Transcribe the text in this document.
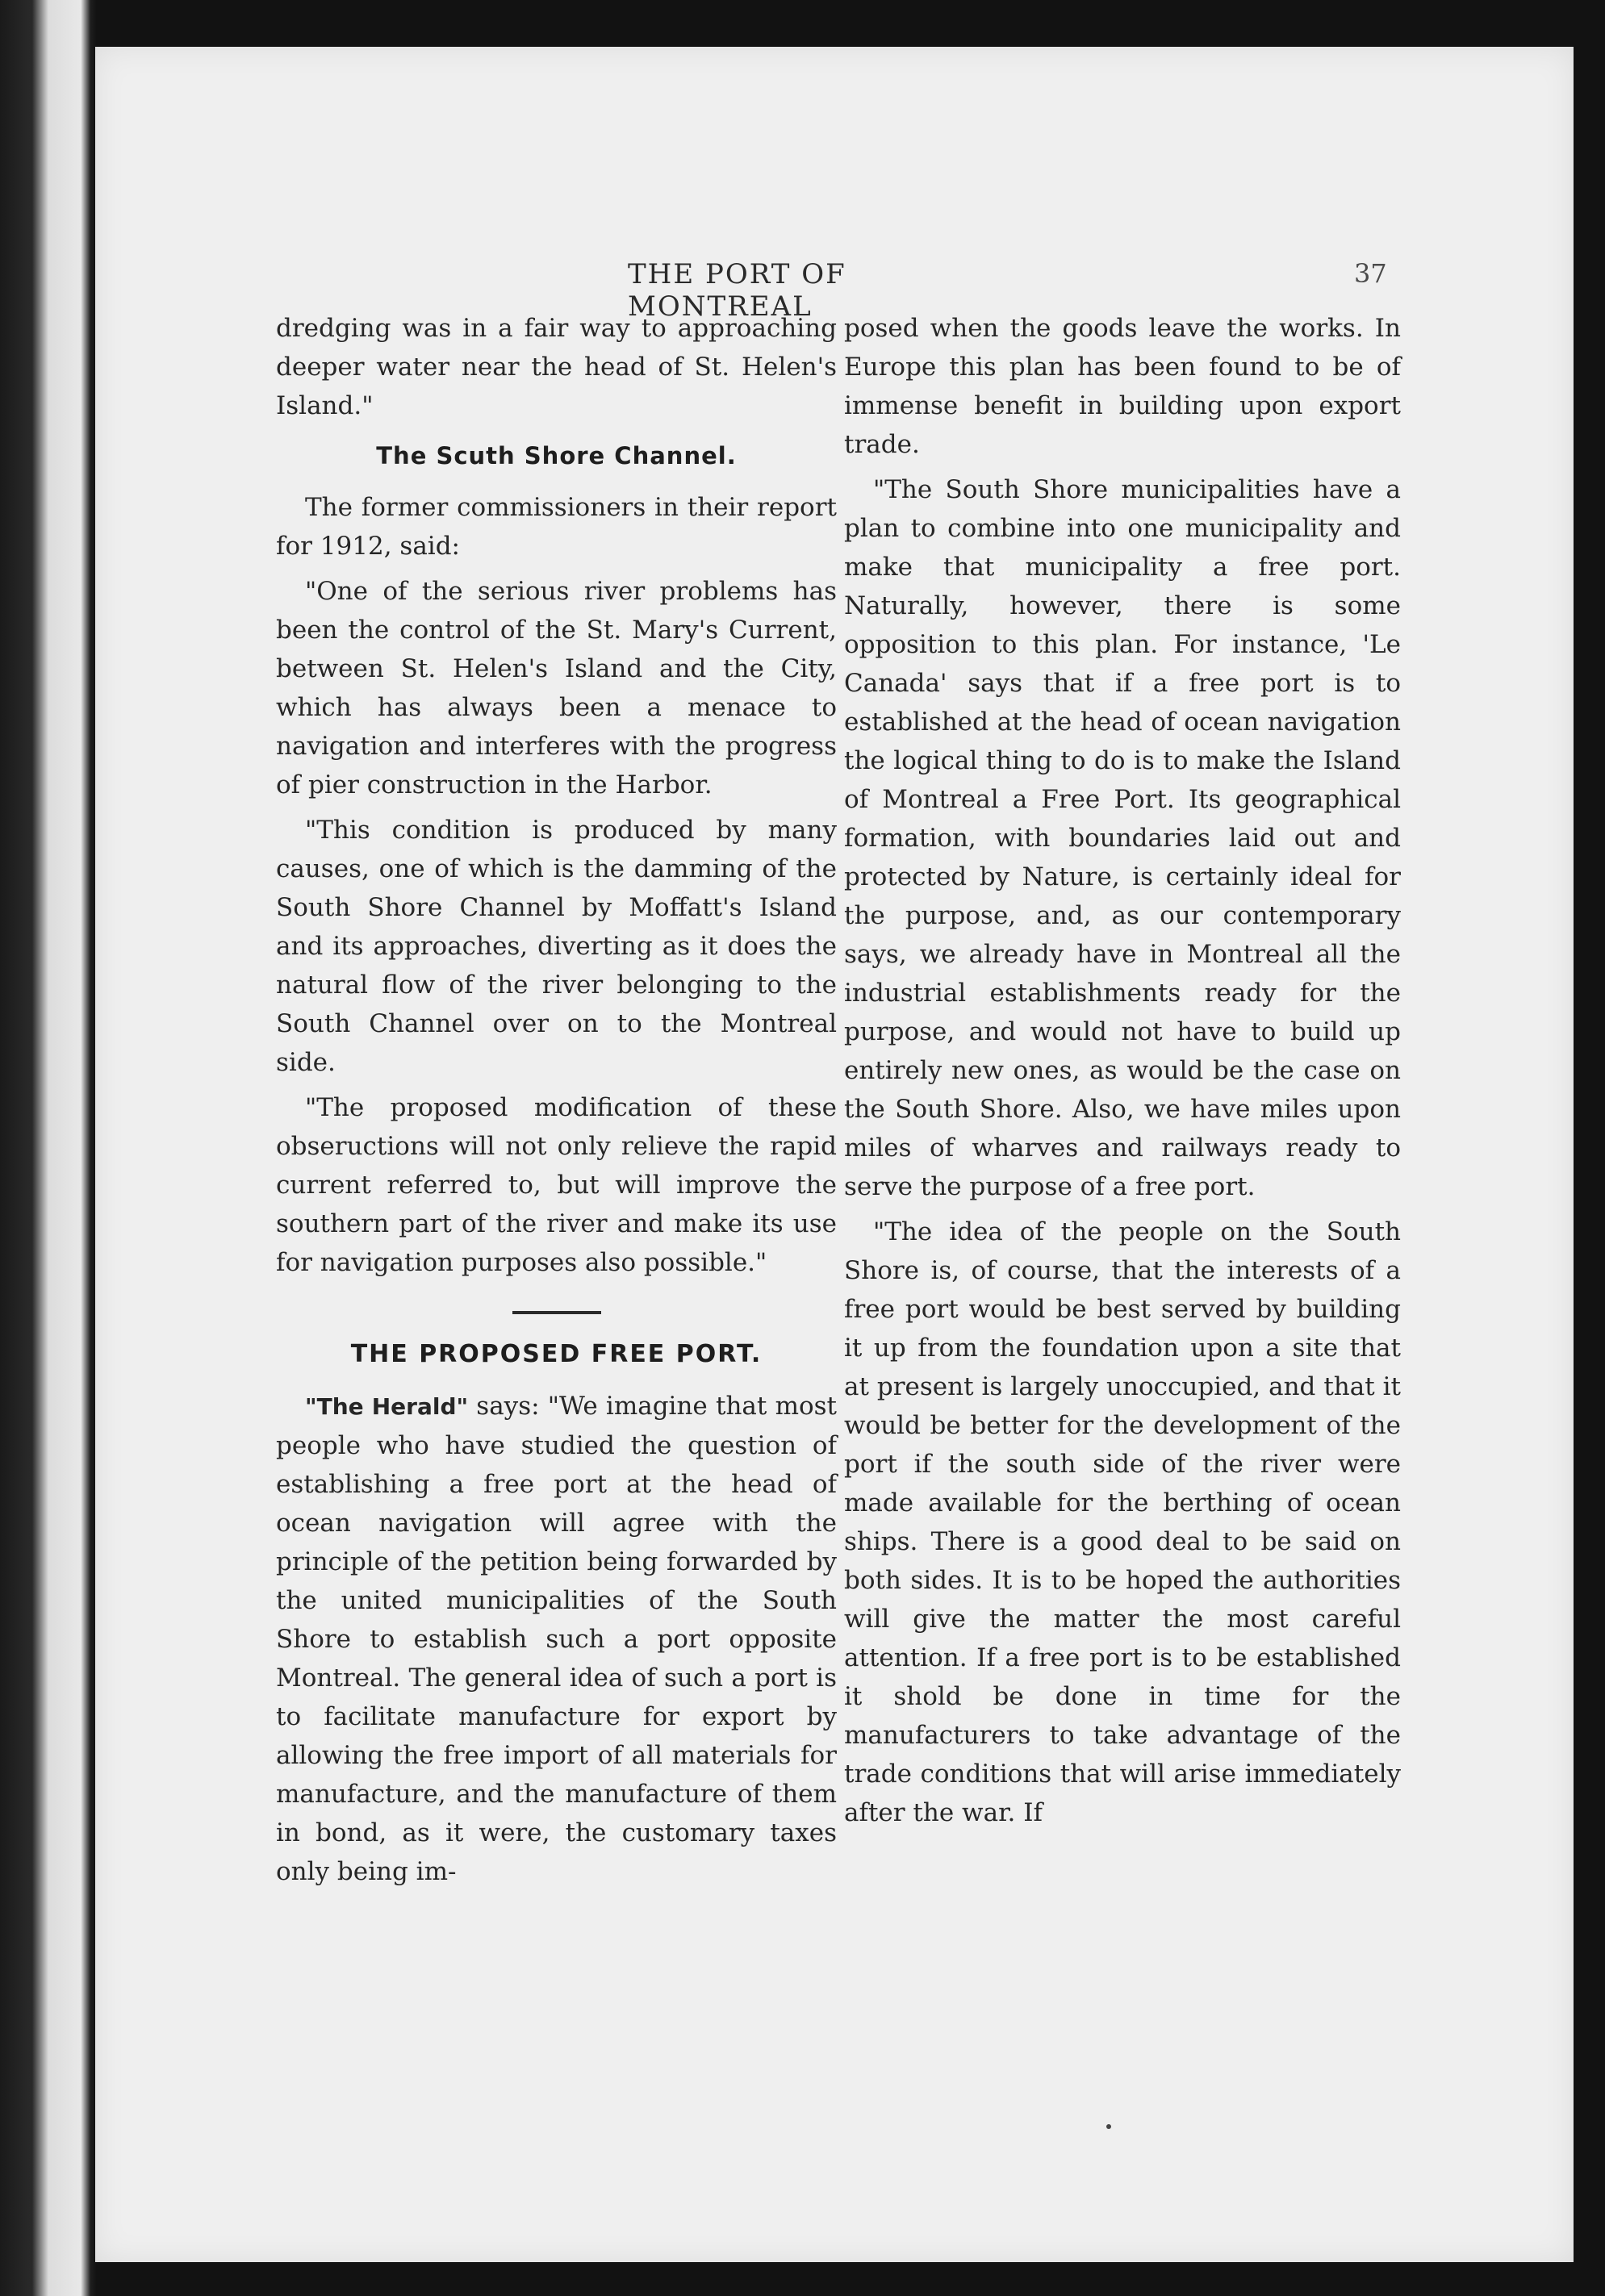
THE PORT OF MONTREAL
37

dredging was in a fair way to approaching deeper water near the head of St. Helen's Island."

The Scuth Shore Channel.

The former commissioners in their report for 1912, said:

"One of the serious river problems has been the control of the St. Mary's Current, between St. Helen's Island and the City, which has always been a menace to navigation and interferes with the progress of pier construction in the Harbor.

"This condition is produced by many causes, one of which is the damming of the South Shore Channel by Moffatt's Island and its approaches, diverting as it does the natural flow of the river belonging to the South Channel over on to the Montreal side.

"The proposed modification of these obseructions will not only relieve the rapid current referred to, but will improve the southern part of the river and make its use for navigation purposes also possible."

THE PROPOSED FREE PORT.

"The Herald" says: "We imagine that most people who have studied the question of establishing a free port at the head of ocean navigation will agree with the principle of the petition being forwarded by the united municipalities of the South Shore to establish such a port opposite Montreal. The general idea of such a port is to facilitate manufacture for export by allowing the free import of all materials for manufacture, and the manufacture of them in bond, as it were, the customary taxes only being im-

posed when the goods leave the works. In Europe this plan has been found to be of immense benefit in building upon export trade.

"The South Shore municipalities have a plan to combine into one municipality and make that municipality a free port. Naturally, however, there is some opposition to this plan. For instance, 'Le Canada' says that if a free port is to established at the head of ocean navigation the logical thing to do is to make the Island of Montreal a Free Port. Its geographical formation, with boundaries laid out and protected by Nature, is certainly ideal for the purpose, and, as our contemporary says, we already have in Montreal all the industrial establishments ready for the purpose, and would not have to build up entirely new ones, as would be the case on the South Shore. Also, we have miles upon miles of wharves and railways ready to serve the purpose of a free port.

"The idea of the people on the South Shore is, of course, that the interests of a free port would be best served by building it up from the foundation upon a site that at present is largely unoccupied, and that it would be better for the development of the port if the south side of the river were made available for the berthing of ocean ships. There is a good deal to be said on both sides. It is to be hoped the authorities will give the matter the most careful attention. If a free port is to be established it shold be done in time for the manufacturers to take advantage of the trade conditions that will arise immediately after the war. If
